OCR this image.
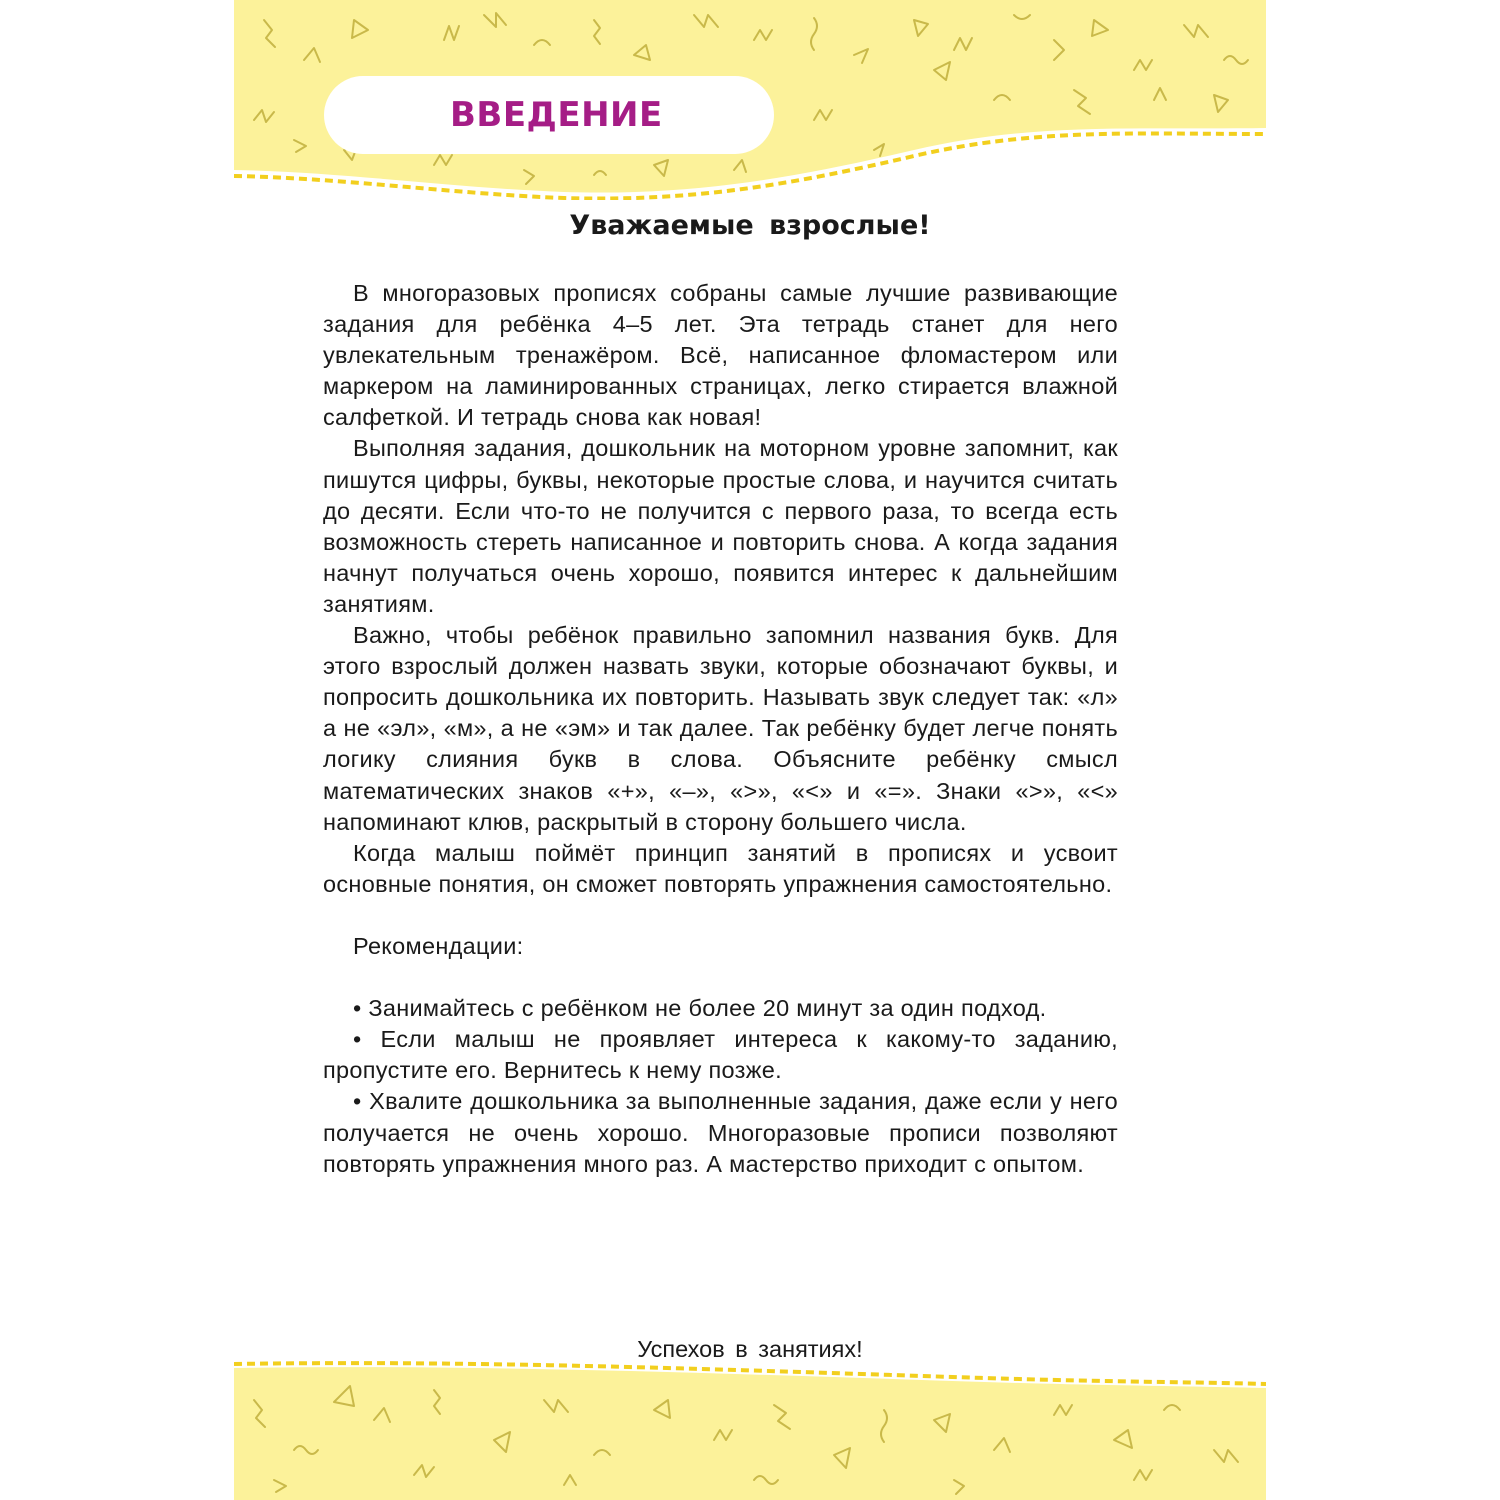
ВВЕДЕНИЕ
Уважаемые взрослые!

В многоразовых прописях собраны самые лучшие развивающие задания для ребёнка 4–5 лет. Эта тетрадь станет для него увлекательным тренажёром. Всё, написанное фломастером или маркером на ламинированных страницах, легко стирается влажной салфеткой. И тетрадь снова как новая!

Выполняя задания, дошкольник на моторном уровне запомнит, как пишутся цифры, буквы, некоторые простые слова, и научится считать до десяти. Если что-то не получится с первого раза, то всегда есть возможность стереть написанное и повторить снова. А когда задания начнут получаться очень хорошо, появится интерес к дальнейшим занятиям.

Важно, чтобы ребёнок правильно запомнил названия букв. Для этого взрослый должен назвать звуки, которые обозначают буквы, и попросить дошкольника их повторить. Называть звук следует так: «л» а не «эл», «м», а не «эм» и так далее. Так ребёнку будет легче понять логику слияния букв в слова. Объясните ребёнку смысл математических знаков «+», «–», «>», «<» и «=». Знаки «>», «<» напоминают клюв, раскрытый в сторону большего числа.

Когда малыш поймёт принцип занятий в прописях и усвоит основные понятия, он сможет повторять упражнения самостоятельно.

Рекомендации:

• Занимайтесь с ребёнком не более 20 минут за один подход.

• Если малыш не проявляет интереса к какому-то заданию, пропустите его. Вернитесь к нему позже.

• Хвалите дошкольника за выполненные задания, даже если у него получается не очень хорошо. Многоразовые прописи позволяют повторять упражнения много раз. А мастерство приходит с опытом.

Успехов в занятиях!
